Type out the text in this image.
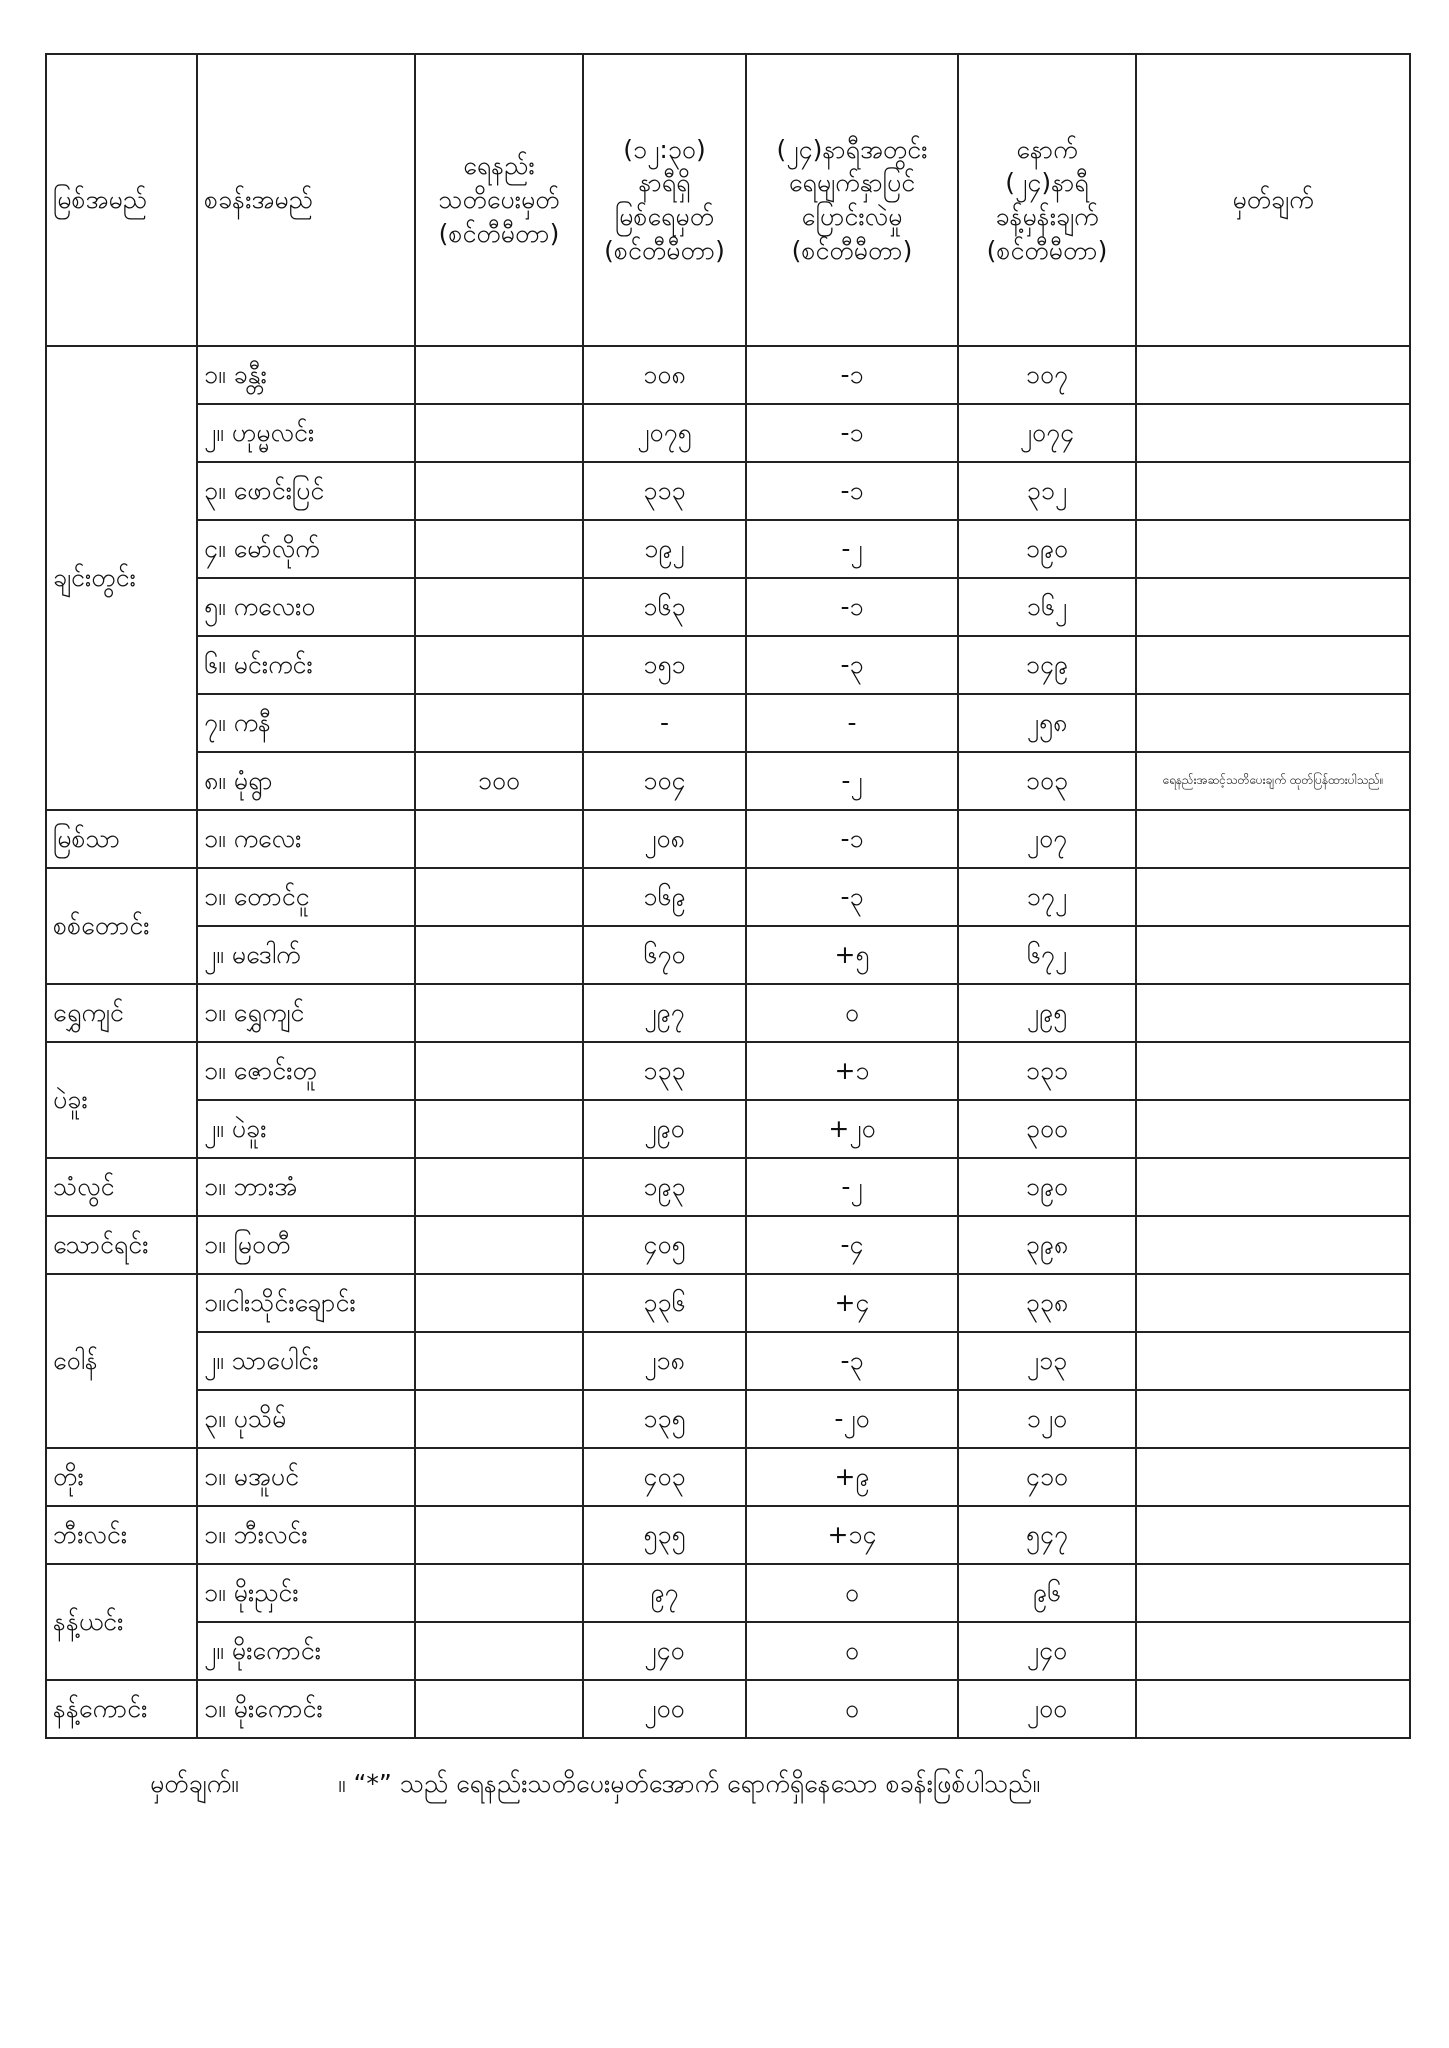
မြစ်အမည်	စခန်းအမည်	ရေနည်း
သတိပေးမှတ်
(စင်တီမီတာ)	(၁၂:၃၀)
နာရီရှိ
မြစ်ရေမှတ်
(စင်တီမီတာ)	(၂၄)နာရီအတွင်း
ရေမျက်နှာပြင်
ပြောင်းလဲမှု
(စင်တီမီတာ)	နောက်
(၂၄)နာရီ
ခန့်မှန်းချက်
(စင်တီမီတာ)	မှတ်ချက်
ချင်းတွင်း	၁။ ခန္တီး		၁၀၈	-၁	၁၀၇	
	၂။ ဟုမ္မလင်း		၂၀၇၅	-၁	၂၀၇၄	
	၃။ ဖောင်းပြင်		၃၁၃	-၁	၃၁၂	
	၄။ မော်လိုက်		၁၉၂	-၂	၁၉၀	
	၅။ ကလေးဝ		၁၆၃	-၁	၁၆၂	
	၆။ မင်းကင်း		၁၅၁	-၃	၁၄၉	
	၇။ ကနီ		-	-	၂၅၈	
	၈။ မုံရွာ	၁၀၀	၁၀၄	-၂	၁၀၃	ရေနည်းအဆင့်သတိပေးချက် ထုတ်ပြန်ထားပါသည်။
မြစ်သာ	၁။ ကလေး		၂၀၈	-၁	၂၀၇	
စစ်တောင်း	၁။ တောင်ငူ		၁၆၉	-၃	၁၇၂	
	၂။ မဒေါက်		၆၇၀	+၅	၆၇၂	
ရွှေကျင်	၁။ ရွှေကျင်		၂၉၇	၀	၂၉၅	
ပဲခူး	၁။ ဇောင်းတူ		၁၃၃	+၁	၁၃၁	
	၂။ ပဲခူး		၂၉၀	+၂၀	၃၀၀	
သံလွင်	၁။ ဘားအံ		၁၉၃	-၂	၁၉၀	
သောင်ရင်း	၁။ မြဝတီ		၄၀၅	-၄	၃၉၈	
ဝေါန်	၁။ငါးသိုင်းချောင်း		၃၃၆	+၄	၃၃၈	
	၂။ သာပေါင်း		၂၁၈	-၃	၂၁၃	
	၃။ ပုသိမ်		၁၃၅	-၂၀	၁၂၀	
တိုး	၁။ မအူပင်		၄၀၃	+၉	၄၁၀	
ဘီးလင်း	၁။ ဘီးလင်း		၅၃၅	+၁၄	၅၄၇	
နန့်ယင်း	၁။ မိုးညှင်း		၉၇	၀	၉၆	
	၂။ မိုးကောင်း		၂၄၀	၀	၂၄၀	
နန့်ကောင်း	၁။ မိုးကောင်း		၂၀၀	၀	၂၀၀	
မှတ်ချက်။	။ “*” သည် ရေနည်းသတိပေးမှတ်အောက် ရောက်ရှိနေသော စခန်းဖြစ်ပါသည်။
